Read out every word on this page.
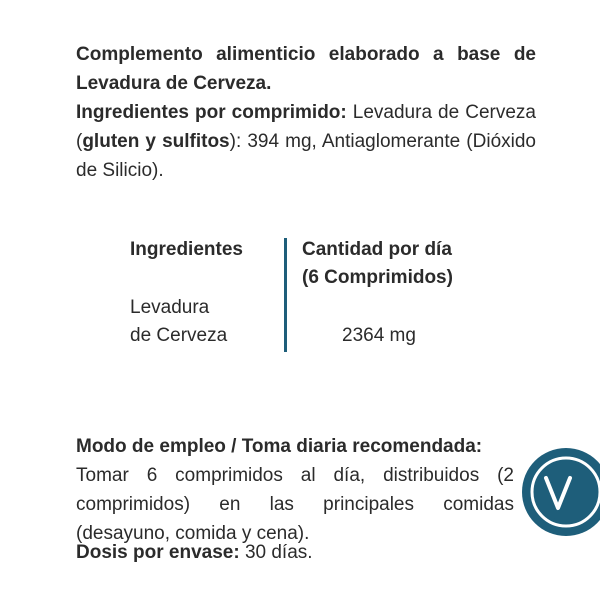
Complemento alimenticio elaborado a base de Levadura de Cerveza.
Ingredientes por comprimido: Levadura de Cerveza (gluten y sulfitos): 394 mg, Antiaglomerante (Dióxido de Silicio).

Ingredientes	Cantidad por día
(6 Comprimidos)

Levadura
de Cerveza	2364 mg

Modo de empleo / Toma diaria recomendada:
Tomar 6 comprimidos al día, distribuidos (2 comprimidos) en las principales comidas (desayuno, comida y cena).

Dosis por envase: 30 días.
